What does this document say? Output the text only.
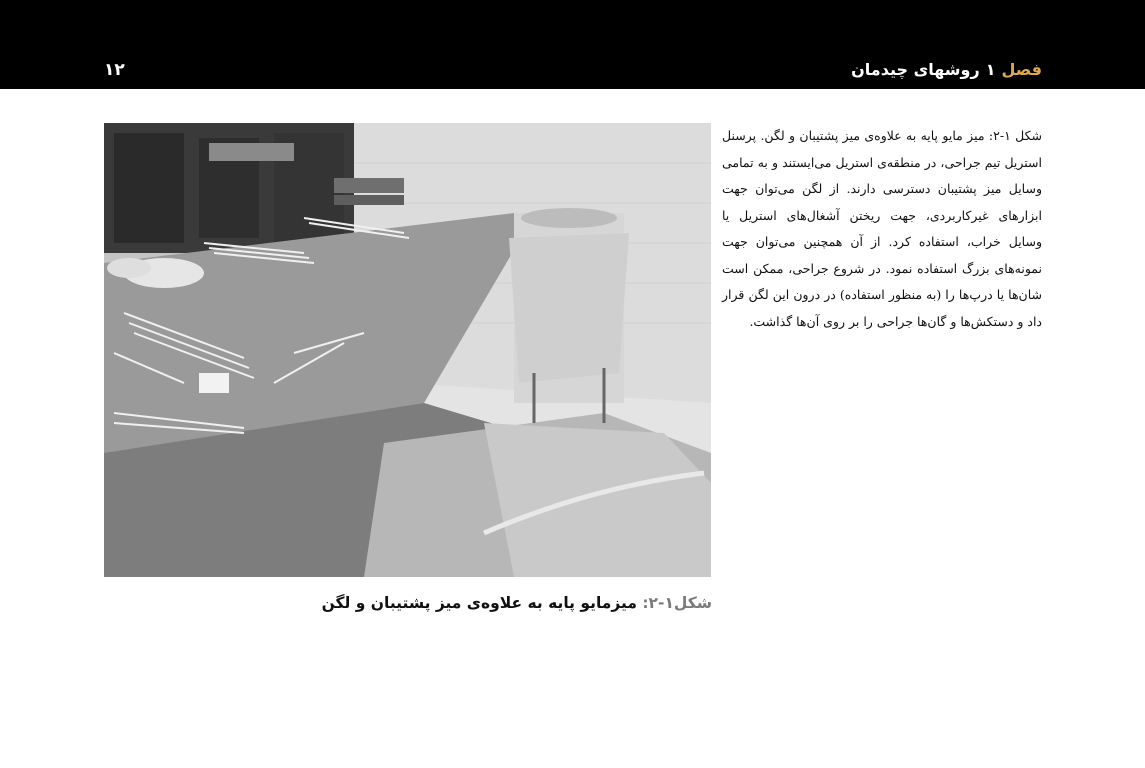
۱۲	فصل۱روشهای چیدمان
شکل ۱-۲: میز مایو پایه به علاوه‌ی میز پشتیبان و لگن. پرسنل استریل تیم جراحی، در منطقه‌ی استریل می‌ایستند و به تمامی وسایل میز پشتیبان دسترسی دارند. از لگن می‌توان جهت ابزارهای غیرکاربردی، جهت ریختن آشغال‌های استریل یا وسایل خراب، استفاده کرد. از آن همچنین می‌توان جهت نمونه‌های بزرگ استفاده نمود. در شروع جراحی، ممکن است شان‌ها یا درپ‌ها را (به منظور استفاده) در درون این لگن قرار داد و دستکش‌ها و گان‌ها جراحی را بر روی آن‌ها گذاشت.
شکل۱-۲: میزمایو پایه به علاوه‌ی میز پشتیبان و لگن
